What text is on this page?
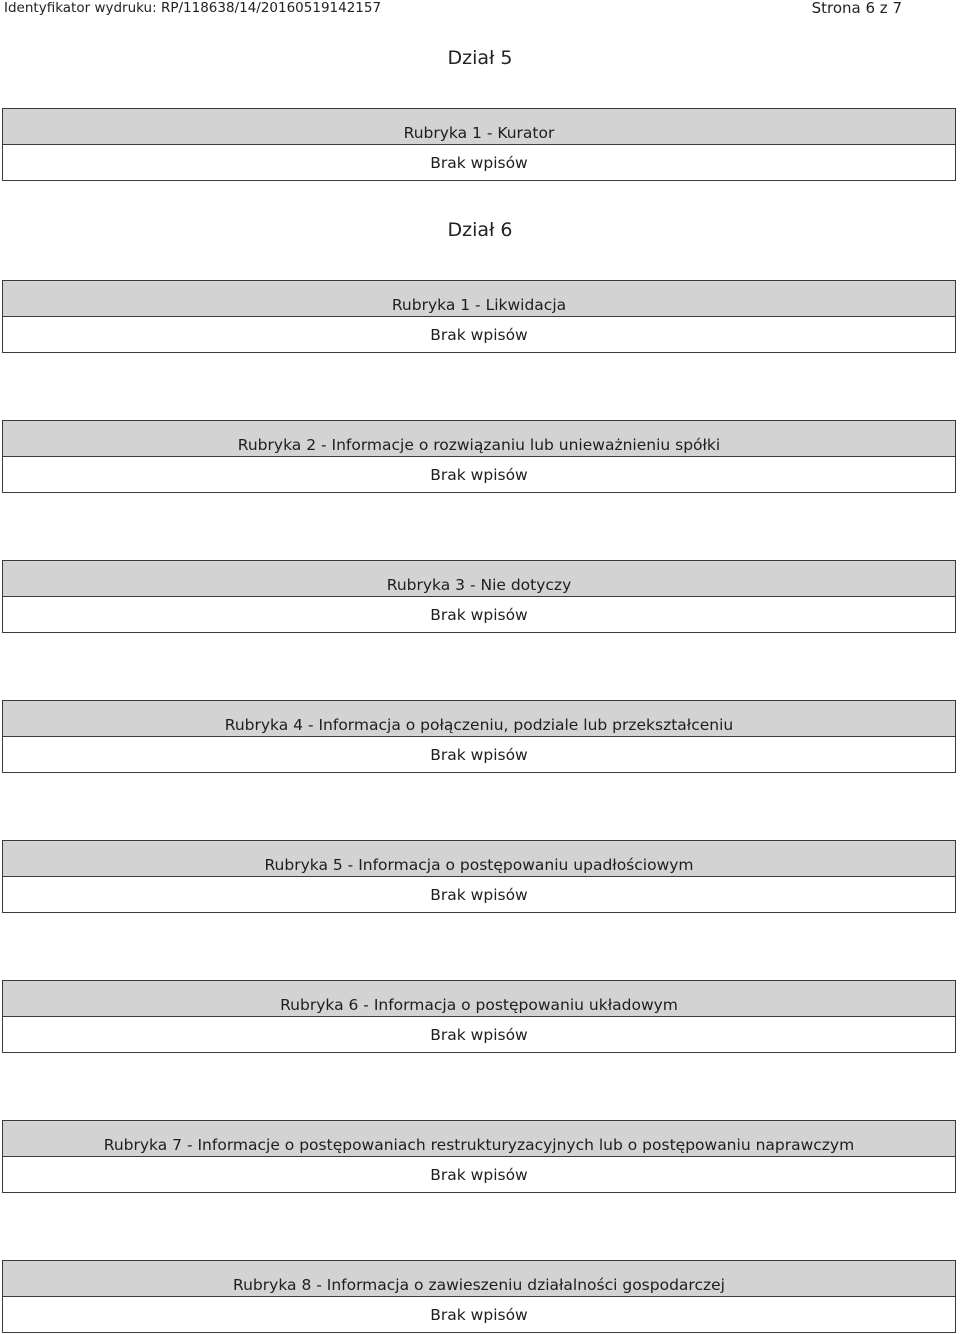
Identyfikator wydruku: RP/118638/14/20160519142157	Strona 6 z 7
Dział 5
Rubryka 1 - Kurator
Brak wpisów
Dział 6
Rubryka 1 - Likwidacja
Brak wpisów
Rubryka 2 - Informacje o rozwiązaniu lub unieważnieniu spółki
Brak wpisów
Rubryka 3 - Nie dotyczy
Brak wpisów
Rubryka 4 - Informacja o połączeniu, podziale lub przekształceniu
Brak wpisów
Rubryka 5 - Informacja o postępowaniu upadłościowym
Brak wpisów
Rubryka 6 - Informacja o postępowaniu układowym
Brak wpisów
Rubryka 7 - Informacje o postępowaniach restrukturyzacyjnych lub o postępowaniu naprawczym
Brak wpisów
Rubryka 8 - Informacja o zawieszeniu działalności gospodarczej
Brak wpisów
